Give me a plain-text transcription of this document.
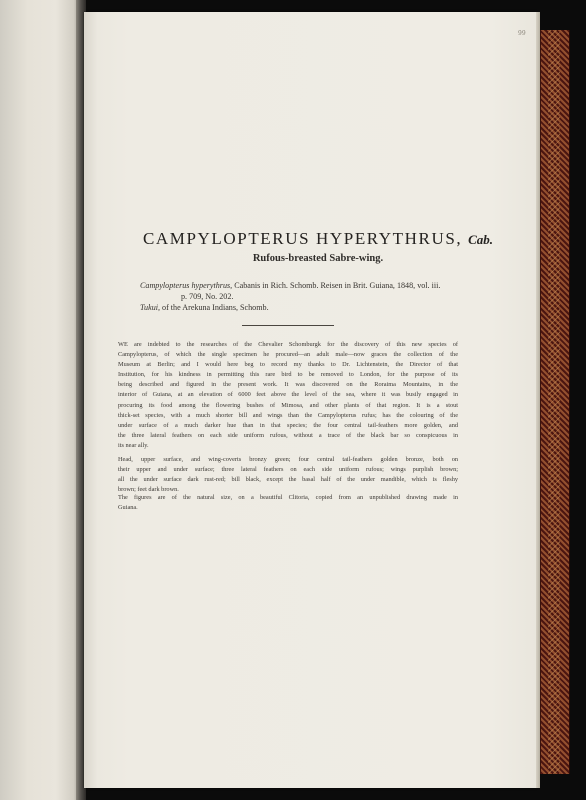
99
CAMPYLOPTERUS HYPERYTHRUS, Cab.
Rufous-breasted Sabre-wing.
Campylopterus hyperythrus, Cabanis in Rich. Schomb. Reisen in Brit. Guiana, 1848, vol. iii.
p. 709, No. 202.
Tukui, of the Arekuna Indians, Schomb.
WE are indebted to the researches of the Chevalier Schomburgk for the discovery of this new species of
Campylopterus, of which the single specimen he procured—an adult male—now graces the collection of the
Museum at Berlin; and I would here beg to record my thanks to Dr. Lichtenstein, the Director of that
Institution, for his kindness in permitting this rare bird to be removed to London, for the purpose of its
being described and figured in the present work. It was discovered on the Roraima Mountains, in the
interior of Guiana, at an elevation of 6000 feet above the level of the sea, where it was busily engaged in
procuring its food among the flowering bushes of Mimosa, and other plants of that region. It is a stout
thick-set species, with a much shorter bill and wings than the Campylopterus rufus; has the colouring of the
under surface of a much darker hue than in that species; the four central tail-feathers more golden, and
the three lateral feathers on each side uniform rufous, without a trace of the black bar so conspicuous in
its near ally.
Head, upper surface, and wing-coverts bronzy green; four central tail-feathers golden bronze, both on
their upper and under surface; three lateral feathers on each side uniform rufous; wings purplish brown;
all the under surface dark rust-red; bill black, except the basal half of the under mandible, which is fleshy
brown; feet dark brown.
The figures are of the natural size, on a beautiful Clitoria, copied from an unpublished drawing made in
Guiana.
